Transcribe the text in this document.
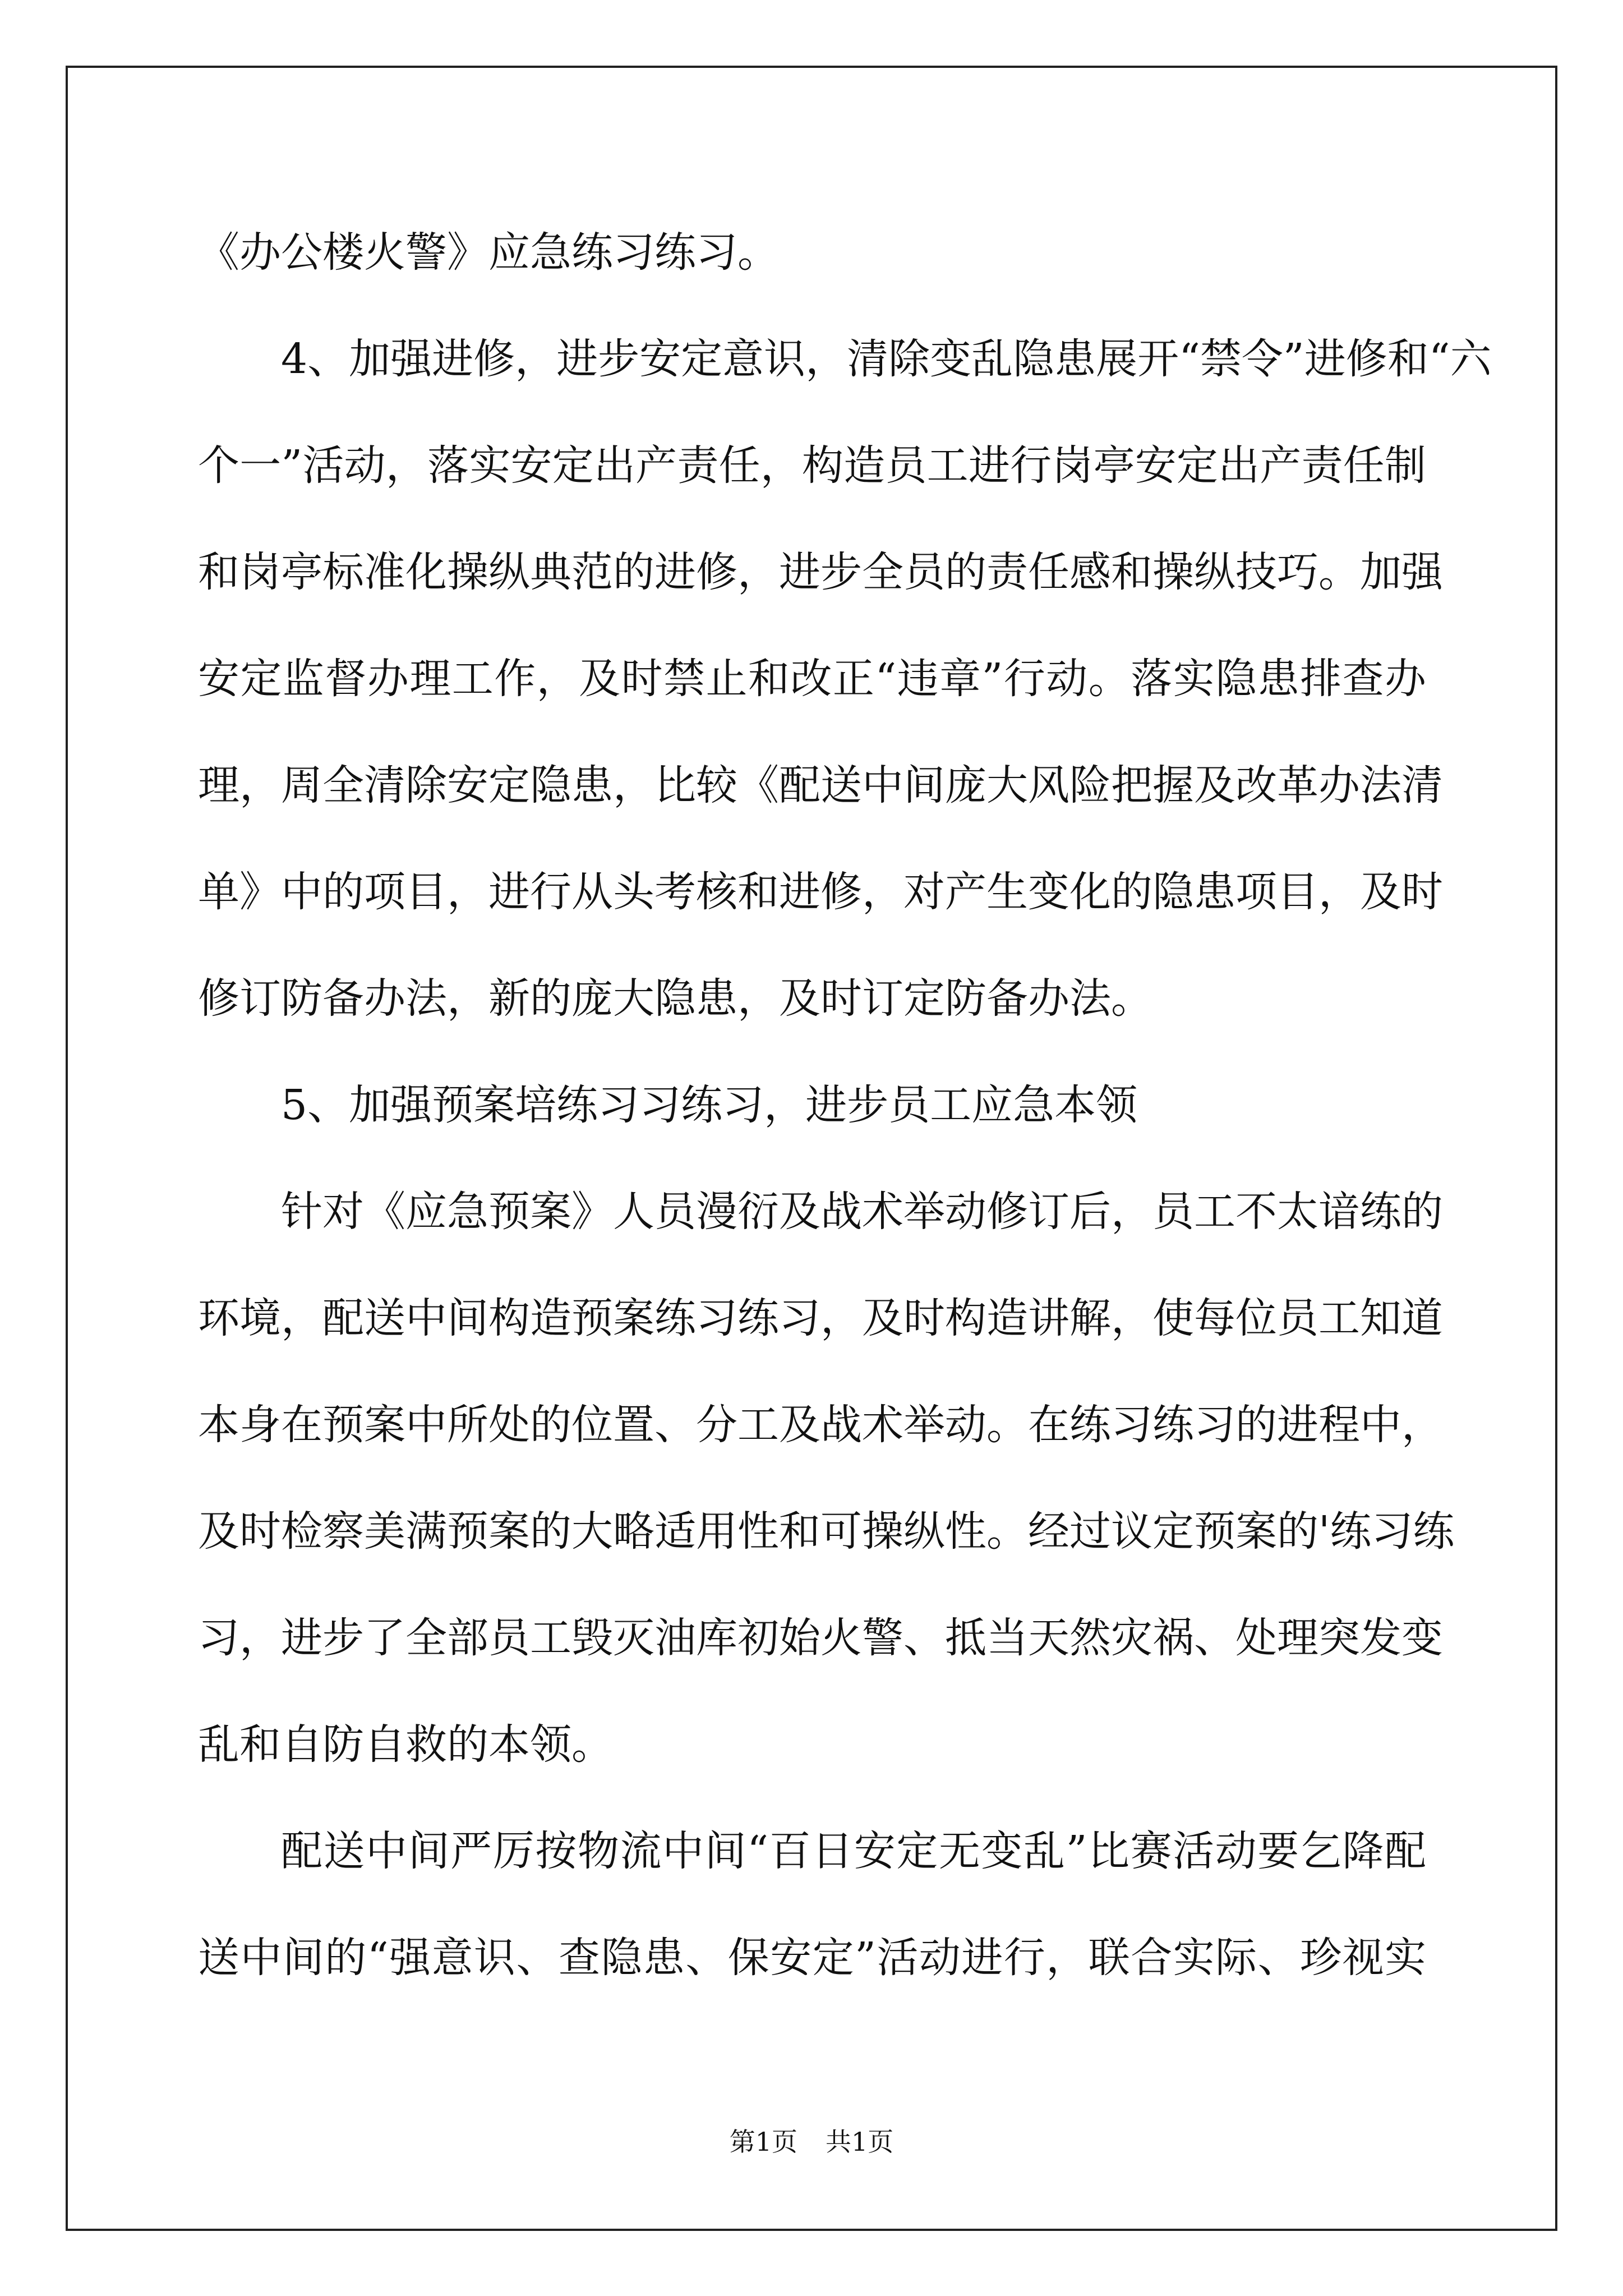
《办公楼火警》应急练习练习。
4、加强进修，进步安定意识，清除变乱隐患展开“禁令”进修和“六
个一”活动，落实安定出产责任，构造员工进行岗亭安定出产责任制
和岗亭标准化操纵典范的进修，进步全员的责任感和操纵技巧。加强
安定监督办理工作，及时禁止和改正“违章”行动。落实隐患排查办
理，周全清除安定隐患，比较《配送中间庞大风险把握及改革办法清
单》中的项目，进行从头考核和进修，对产生变化的隐患项目，及时
修订防备办法，新的庞大隐患，及时订定防备办法。
5、加强预案培练习习练习，进步员工应急本领
针对《应急预案》人员漫衍及战术举动修订后，员工不太谙练的
环境，配送中间构造预案练习练习，及时构造讲解，使每位员工知道
本身在预案中所处的位置、分工及战术举动。在练习练习的进程中，
及时检察美满预案的大略适用性和可操纵性。经过议定预案的'练习练
习，进步了全部员工毁灭油库初始火警、抵当天然灾祸、处理突发变
乱和自防自救的本领。
配送中间严厉按物流中间“百日安定无变乱”比赛活动要乞降配
送中间的“强意识、查隐患、保安定”活动进行，联合实际、珍视实
第1页 共1页
